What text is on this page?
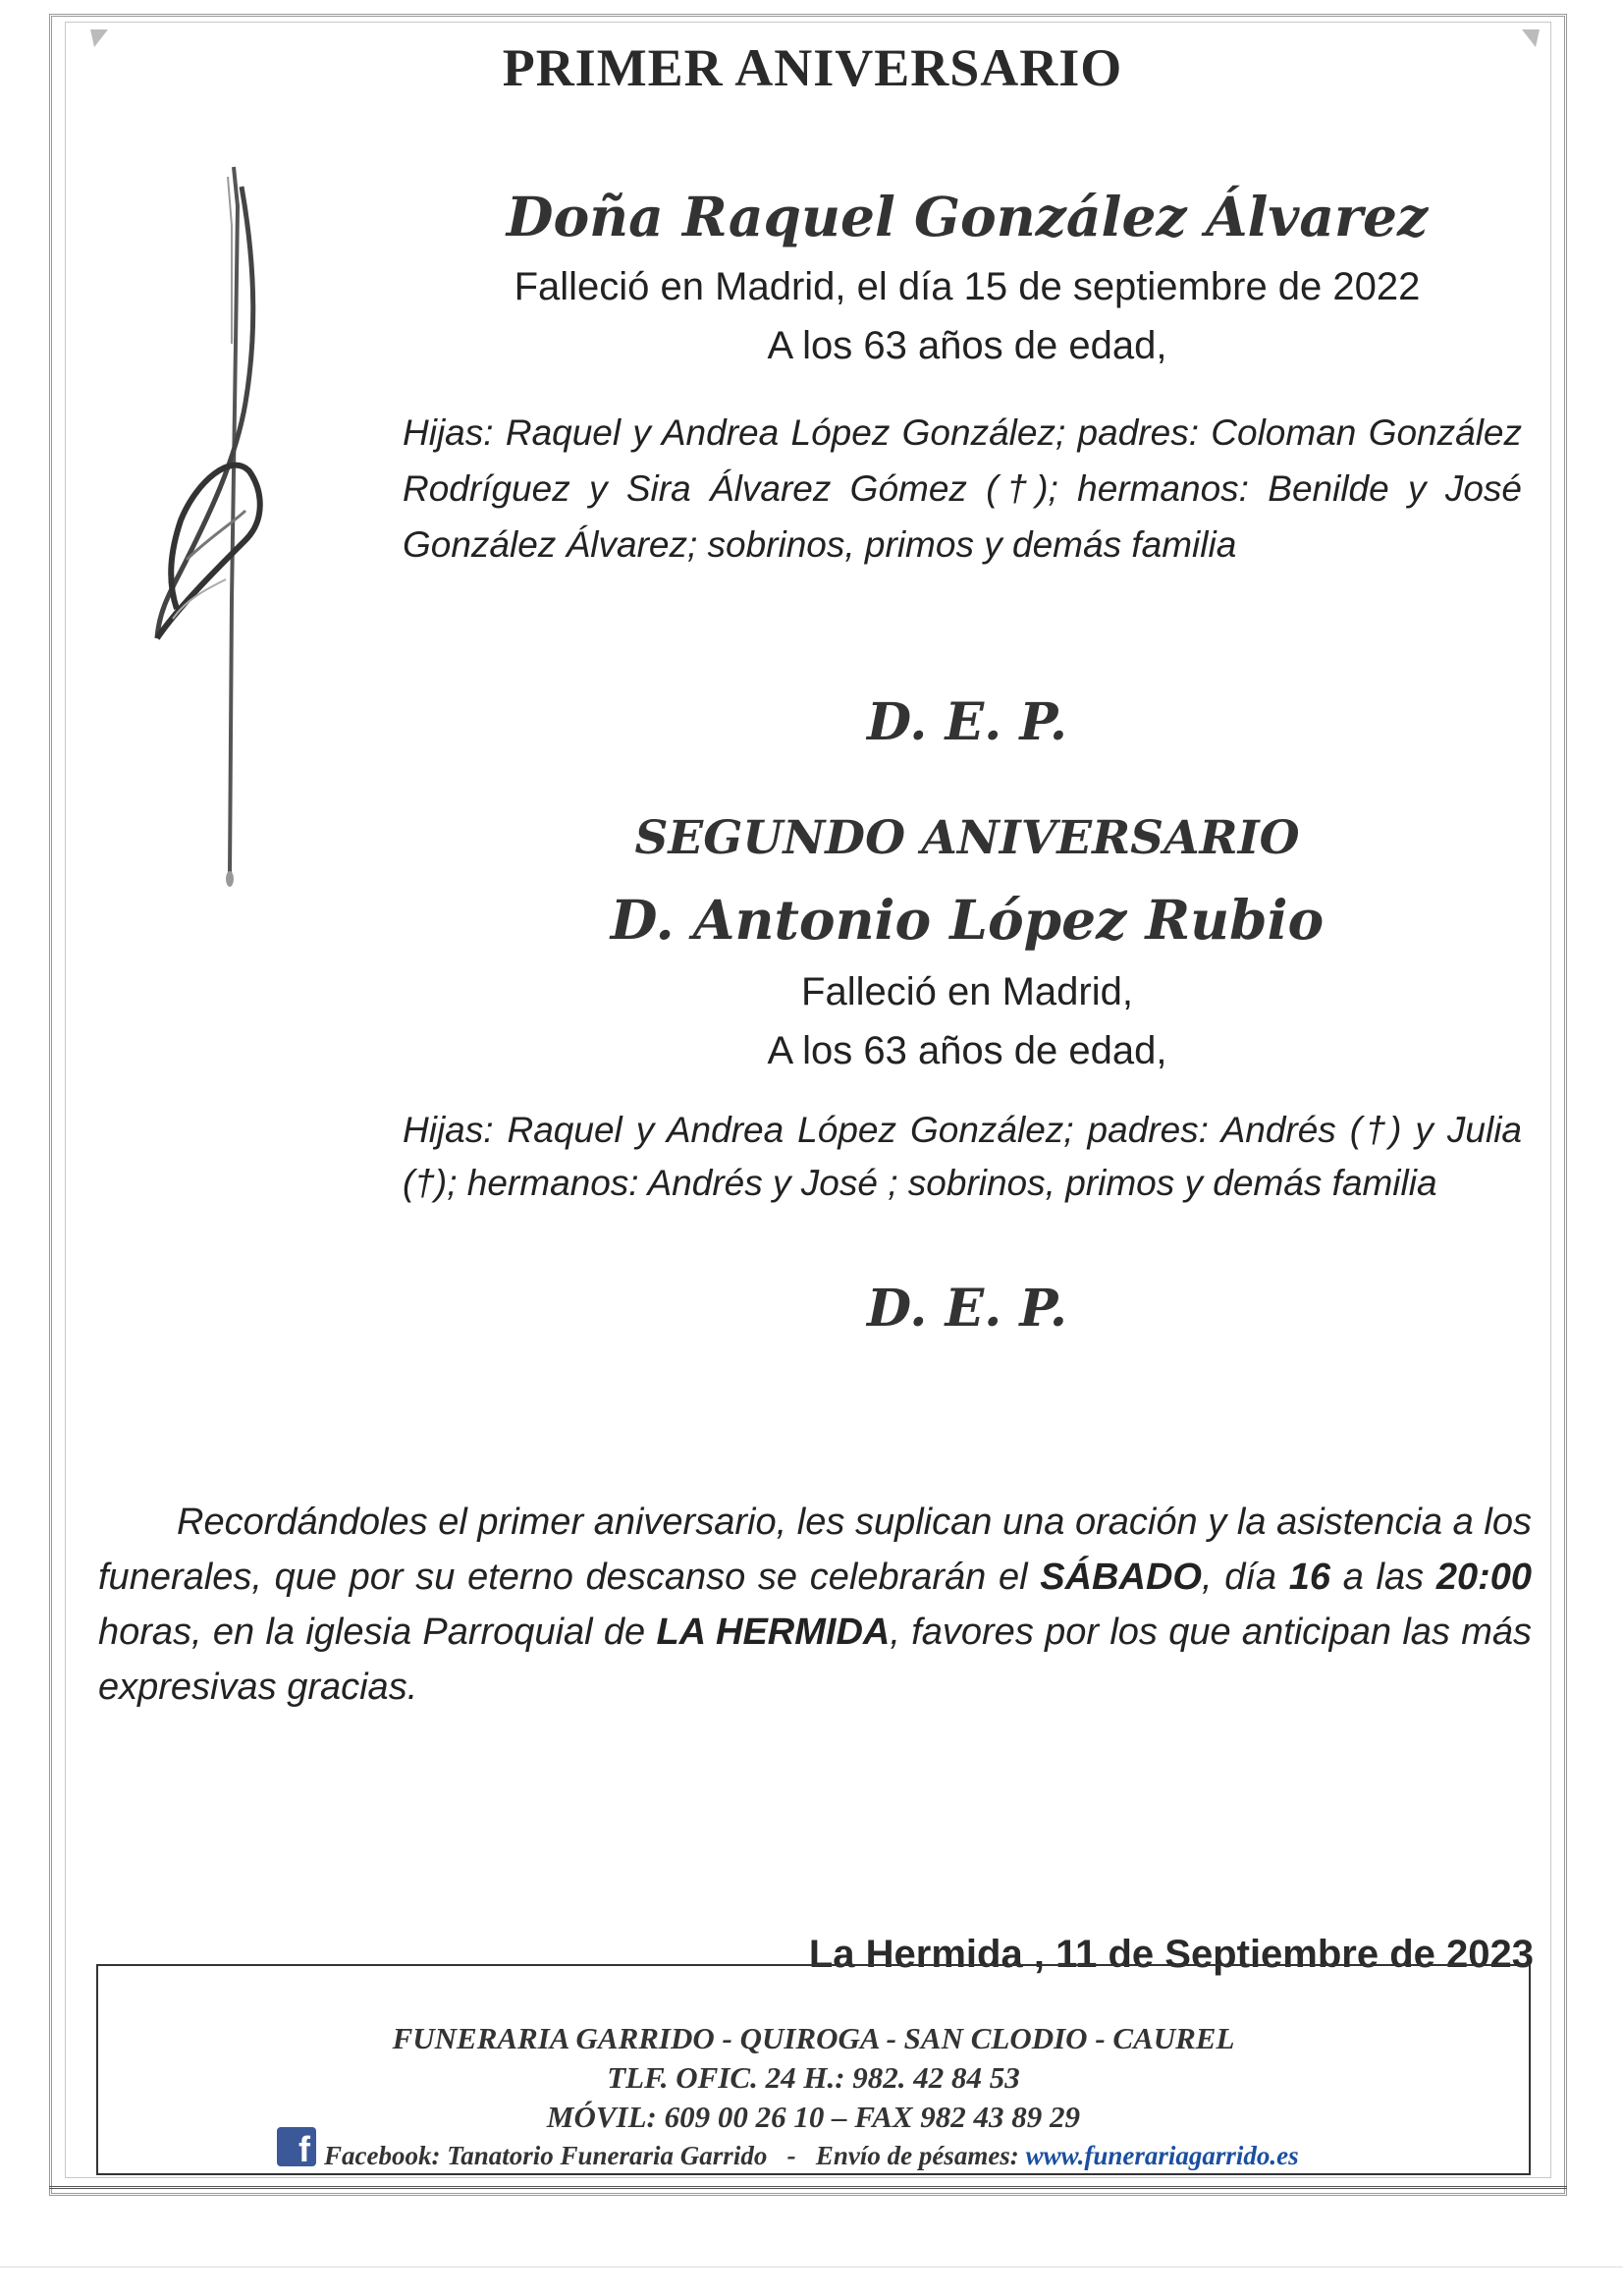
PRIMER ANIVERSARIO
Doña Raquel González Álvarez
Falleció en Madrid, el día 15 de septiembre de 2022
A los 63 años de edad,
Hijas: Raquel y Andrea López González; padres: Coloman González Rodríguez y Sira Álvarez Gómez (†); hermanos: Benilde y José González Álvarez; sobrinos, primos y demás familia
D. E. P.
SEGUNDO ANIVERSARIO
D. Antonio López Rubio
Falleció en Madrid,
A los 63 años de edad,
Hijas: Raquel y Andrea López González; padres: Andrés (†) y Julia (†); hermanos: Andrés y José ; sobrinos, primos y demás familia
D. E. P.
Recordándoles el primer aniversario, les suplican una oración y la asistencia a los funerales, que por su eterno descanso se celebrarán el SÁBADO, día 16 a las 20:00 horas, en la iglesia Parroquial de LA HERMIDA, favores por los que anticipan las más expresivas gracias.
La Hermida , 11 de Septiembre de 2023
FUNERARIA GARRIDO - QUIROGA - SAN CLODIO - CAUREL
TLF. OFIC. 24 H.: 982. 42 84 53
MÓVIL: 609 00 26 10 – FAX 982 43 89 29
f Facebook: Tanatorio Funeraria Garrido - Envío de pésames: www.funerariagarrido.es
